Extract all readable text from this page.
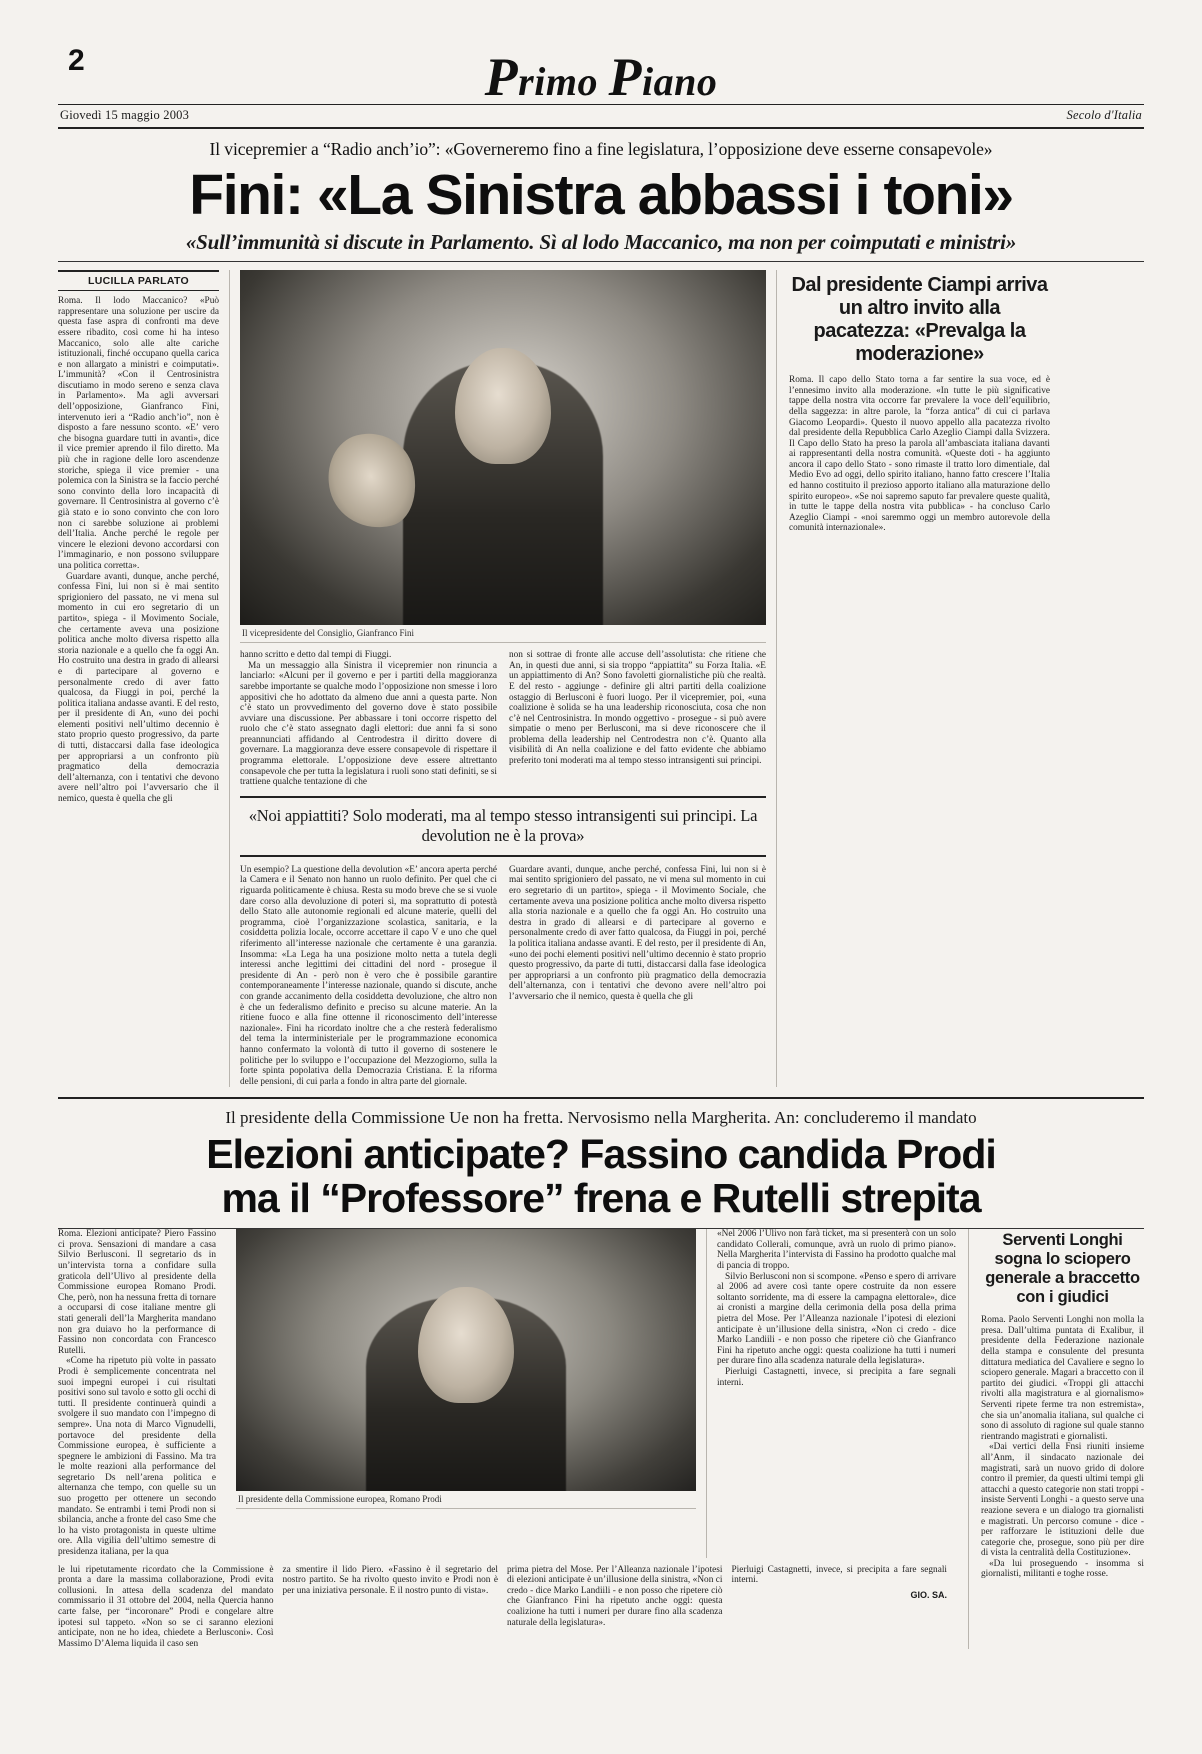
2	Primo Piano
Giovedì 15 maggio 2003	Secolo d'Italia
Il vicepremier a “Radio anch’io”: «Governeremo fino a fine legislatura, l’opposizione deve esserne consapevole»
Fini: «La Sinistra abbassi i toni»
«Sull’immunità si discute in Parlamento. Sì al lodo Maccanico, ma non per coimputati e ministri»
LUCILLA PARLATO

Roma. Il lodo Maccanico? «Può rappresentare una soluzione per uscire da questa fase aspra di confronti ma deve essere ribadito, così come hi ha inteso Maccanico, solo alle alte cariche istituzionali, finché occupano quella carica e non allargato a ministri e coimputati». L’immunità? «Con il Centrosinistra discutiamo in modo sereno e senza clava in Parlamento». Ma agli avversari dell’opposizione, Gianfranco Fini, intervenuto ieri a “Radio anch’io”, non è disposto a fare nessuno sconto. «E’ vero che bisogna guardare tutti in avanti», dice il vice premier aprendo il filo diretto. Ma più che in ragione delle loro ascendenze storiche, spiega il vice premier - una polemica con la Sinistra se la faccio perché sono convinto della loro incapacità di governare. Il Centrosinistra al governo c’è già stato e io sono convinto che con loro non ci sarebbe soluzione ai problemi dell’Italia. Anche perché le regole per vincere le elezioni devono accordarsi con l’immaginario, e non possono sviluppare una politica corretta».

Guardare avanti, dunque, anche perché, confessa Fini, lui non si è mai sentito sprigioniero del passato, ne vi mena sul momento in cui ero segretario di un partito», spiega - il Movimento Sociale, che certamente aveva una posizione politica anche molto diversa rispetto alla storia nazionale e a quello che fa oggi An. Ho costruito una destra in grado di allearsi e di partecipare al governo e personalmente credo di aver fatto qualcosa, da Fiuggi in poi, perché la politica italiana andasse avanti. E del resto, per il presidente di An, «uno dei pochi elementi positivi nell’ultimo decennio è stato proprio questo progressivo, da parte di tutti, distaccarsi dalla fase ideologica per appropriarsi a un confronto più pragmatico della democrazia dell’alternanza, con i tentativi che devono avere nell’altro poi l’avversario che il nemico, questa è quella che gli

Il vicepresidente del Consiglio, Gianfranco Fini

hanno scritto e detto dal tempi di Fiuggi.

Ma un messaggio alla Sinistra il vicepremier non rinuncia a lanciarlo: «Alcuni per il governo e per i partiti della maggioranza sarebbe importante se qualche modo l’opposizione non smesse i loro appositivi che ho adottato da almeno due anni a questa parte. Non c’è stato un provvedimento del governo dove è stato possibile avviare una discussione. Per abbassare i toni occorre rispetto del ruolo che c’è stato assegnato dagli elettori: due anni fa si sono preannunciati affidando al Centrodestra il diritto dovere di governare. La maggioranza deve essere consapevole di rispettare il programma elettorale. L’opposizione deve essere altrettanto consapevole che per tutta la legislatura i ruoli sono stati definiti, se si trattiene qualche tentazione di che

non si sottrae di fronte alle accuse dell’assolutista: che ritiene che An, in questi due anni, si sia troppo “appiattita” su Forza Italia. «E un appiattimento di An? Sono favoletti giornalistiche più che realtà. E del resto - aggiunge - definire gli altri partiti della coalizione ostaggio di Berlusconi è fuori luogo. Per il vicepremier, poi, «una coalizione è solida se ha una leadership riconosciuta, cosa che non c’è nel Centrosinistra. In mondo oggettivo - prosegue - si può avere simpatie o meno per Berlusconi, ma si deve riconoscere che il problema della leadership nel Centrodestra non c’è. Quanto alla visibilità di An nella coalizione e del fatto evidente che abbiamo preferito toni moderati ma al tempo stesso intransigenti sui principi.

«Noi appiattiti? Solo moderati, ma al tempo stesso intransigenti sui principi. La devolution ne è la prova»

Un esempio? La questione della devolution «E’ ancora aperta perché la Camera e il Senato non hanno un ruolo definito. Per quel che ci riguarda politicamente è chiusa. Resta su modo breve che se si vuole dare corso alla devoluzione di poteri sì, ma soprattutto di potestà dello Stato alle autonomie regionali ed alcune materie, quelli del programma, cioè l’organizzazione scolastica, sanitaria, e la cosiddetta polizia locale, occorre accettare il capo V e uno che quel riferimento all’interesse nazionale che certamente è una garanzia. Insomma: «La Lega ha una posizione molto netta a tutela degli interessi anche legittimi dei cittadini del nord - prosegue il presidente di An - però non è vero che è possibile garantire contemporaneamente l’interesse nazionale, quando si discute, anche con grande accanimento della cosiddetta devoluzione, che altro non è che un federalismo definito e preciso su alcune materie. An la ritiene fuoco e alla fine ottenne il riconoscimento dell’interesse nazionale». Fini ha ricordato inoltre che a che resterà federalismo del tema la interministeriale per le programmazione economica hanno confermato la volontà di tutto il governo di sostenere le politiche per lo sviluppo e l’occupazione del Mezzogiorno, sulla la forte spinta popolativa della Democrazia Cristiana. E la riforma delle pensioni, di cui parla a fondo in altra parte del giornale.

Guardare avanti, dunque, anche perché, confessa Fini, lui non si è mai sentito sprigioniero del passato, ne vi mena sul momento in cui ero segretario di un partito», spiega - il Movimento Sociale, che certamente aveva una posizione politica anche molto diversa rispetto alla storia nazionale e a quello che fa oggi An. Ho costruito una destra in grado di allearsi e di partecipare al governo e personalmente credo di aver fatto qualcosa, da Fiuggi in poi, perché la politica italiana andasse avanti. E del resto, per il presidente di An, «uno dei pochi elementi positivi nell’ultimo decennio è stato proprio questo progressivo, da parte di tutti, distaccarsi dalla fase ideologica per appropriarsi a un confronto più pragmatico della democrazia dell’alternanza, con i tentativi che devono avere nell’altro poi l’avversario che il nemico, questa è quella che gli

Dal presidente Ciampi arriva un altro invito alla pacatezza: «Prevalga la moderazione»

Roma. Il capo dello Stato torna a far sentire la sua voce, ed è l’ennesimo invito alla moderazione. «In tutte le più significative tappe della nostra vita occorre far prevalere la voce dell’equilibrio, della saggezza: in altre parole, la “forza antica” di cui ci parlava Giacomo Leopardi». Questo il nuovo appello alla pacatezza rivolto dal presidente della Repubblica Carlo Azeglio Ciampi dalla Svizzera. Il Capo dello Stato ha preso la parola all’ambasciata italiana davanti ai rappresentanti della nostra comunità. «Queste doti - ha aggiunto ancora il capo dello Stato - sono rimaste il tratto loro dimentiale, dal Medio Evo ad oggi, dello spirito italiano, hanno fatto crescere l’Italia ed hanno costituito il prezioso apporto italiano alla maturazione dello spirito europeo». «Se noi sapremo saputo far prevalere queste qualità, in tutte le tappe della nostra vita pubblica» - ha concluso Carlo Azeglio Ciampi - «noi saremmo oggi un membro autorevole della comunità internazionale».

Il presidente della Commissione Ue non ha fretta. Nervosismo nella Margherita. An: concluderemo il mandato
Elezioni anticipate? Fassino candida Prodi
ma il “Professore” frena e Rutelli strepita

Roma. Elezioni anticipate? Piero Fassino ci prova. Sensazioni di mandare a casa Silvio Berlusconi. Il segretario ds in un’intervista torna a confidare sulla graticola dell’Ulivo al presidente della Commissione europea Romano Prodi. Che, però, non ha nessuna fretta di tornare a occuparsi di cose italiane mentre gli stati generali dell’la Margherita mandano non gra duiavo ho la performance di Fassino non concordata con Francesco Rutelli.

«Come ha ripetuto più volte in passato Prodi è semplicemente concentrata nel suoi impegni europei i cui risultati positivi sono sul tavolo e sotto gli occhi di tutti. Il presidente continuerà quindi a svolgere il suo mandato con l’impegno di sempre». Una nota di Marco Vignudelli, portavoce del presidente della Commissione europea, è sufficiente a spegnere le ambizioni di Fassino. Ma tra le molte reazioni alla performance del segretario Ds nell’arena politica e alternanza che tempo, con quelle su un suo progetto per ottenere un secondo mandato. Se entrambi i temi Prodi non si sbilancia, anche a fronte del caso Sme che lo ha visto protagonista in queste ultime ore. Alla vigilia dell’ultimo semestre di presidenza italiana, per la qua

Il presidente della Commissione europea, Romano Prodi

«Nel 2006 l’Ulivo non farà ticket, ma si presenterà con un solo candidato Collerali, comunque, avrà un ruolo di primo piano». Nella Margherita l’intervista di Fassino ha prodotto qualche mal di pancia di troppo.

Silvio Berlusconi non si scompone. «Penso e spero di arrivare al 2006 ad avere così tante opere costruite da non essere soltanto sorridente, ma di essere la campagna elettorale», dice ai cronisti a margine della cerimonia della posa della prima pietra del Mose. Per l’Alleanza nazionale l’ipotesi di elezioni anticipate è un’illusione della sinistra, «Non ci credo - dice Marko Landiili - e non posso che ripetere ciò che Gianfranco Fini ha ripetuto anche oggi: questa coalizione ha tutti i numeri per durare fino alla scadenza naturale della legislatura».

Pierluigi Castagnetti, invece, si precipita a fare segnali interni.

le lui ripetutamente ricordato che la Commissione è pronta a dare la massima collaborazione, Prodi evita collusioni. In attesa della scadenza del mandato commissario il 31 ottobre del 2004, nella Quercia hanno carte false, per “incoronare” Prodi e congelare altre ipotesi sul tappeto. «Non so se ci saranno elezioni anticipate, non ne ho idea, chiedete a Berlusconi». Così Massimo D’Alema liquida il caso sen

za smentire il lido Piero. «Fassino è il segretario del nostro partito. Se ha rivolto questo invito e Prodi non è per una iniziativa personale. E il nostro punto di vista».

prima pietra del Mose. Per l’Alleanza nazionale l’ipotesi di elezioni anticipate è un’illusione della sinistra, «Non ci credo - dice Marko Landiili - e non posso che ripetere ciò che Gianfranco Fini ha ripetuto anche oggi: questa coalizione ha tutti i numeri per durare fino alla scadenza naturale della legislatura».

Pierluigi Castagnetti, invece, si precipita a fare segnali interni.

GIO. SA.
Serventi Longhi sogna lo sciopero generale a braccetto con i giudici

Roma. Paolo Serventi Longhi non molla la presa. Dall’ultima puntata di Exalibur, il presidente della Federazione nazionale della stampa e consulente del presunta dittatura mediatica del Cavaliere e segno lo sciopero generale. Magari a braccetto con il partito dei giudici. «Troppi gli attacchi rivolti alla magistratura e al giornalismo» Serventi ripete ferme tra non estremista», che sia un’anomalia italiana, sul qualche ci sono di assoluto di ragione sul quale stanno rientrando magistrati e giornalisti.

«Dai vertici della Fnsi riuniti insieme all’Anm, il sindacato nazionale dei magistrati, sarà un nuovo grido di dolore contro il premier, da questi ultimi tempi gli attacchi a questo categorie non stati troppi - insiste Serventi Longhi - a questo serve una reazione severa e un dialogo tra giornalisti e magistrati. Un percorso comune - dice - per rafforzare le istituzioni delle due categorie che, prosegue, sono più per dire di vista la centralità della Costituzione».

«Da lui proseguendo - insomma si giornalisti, militanti e toghe rosse.
